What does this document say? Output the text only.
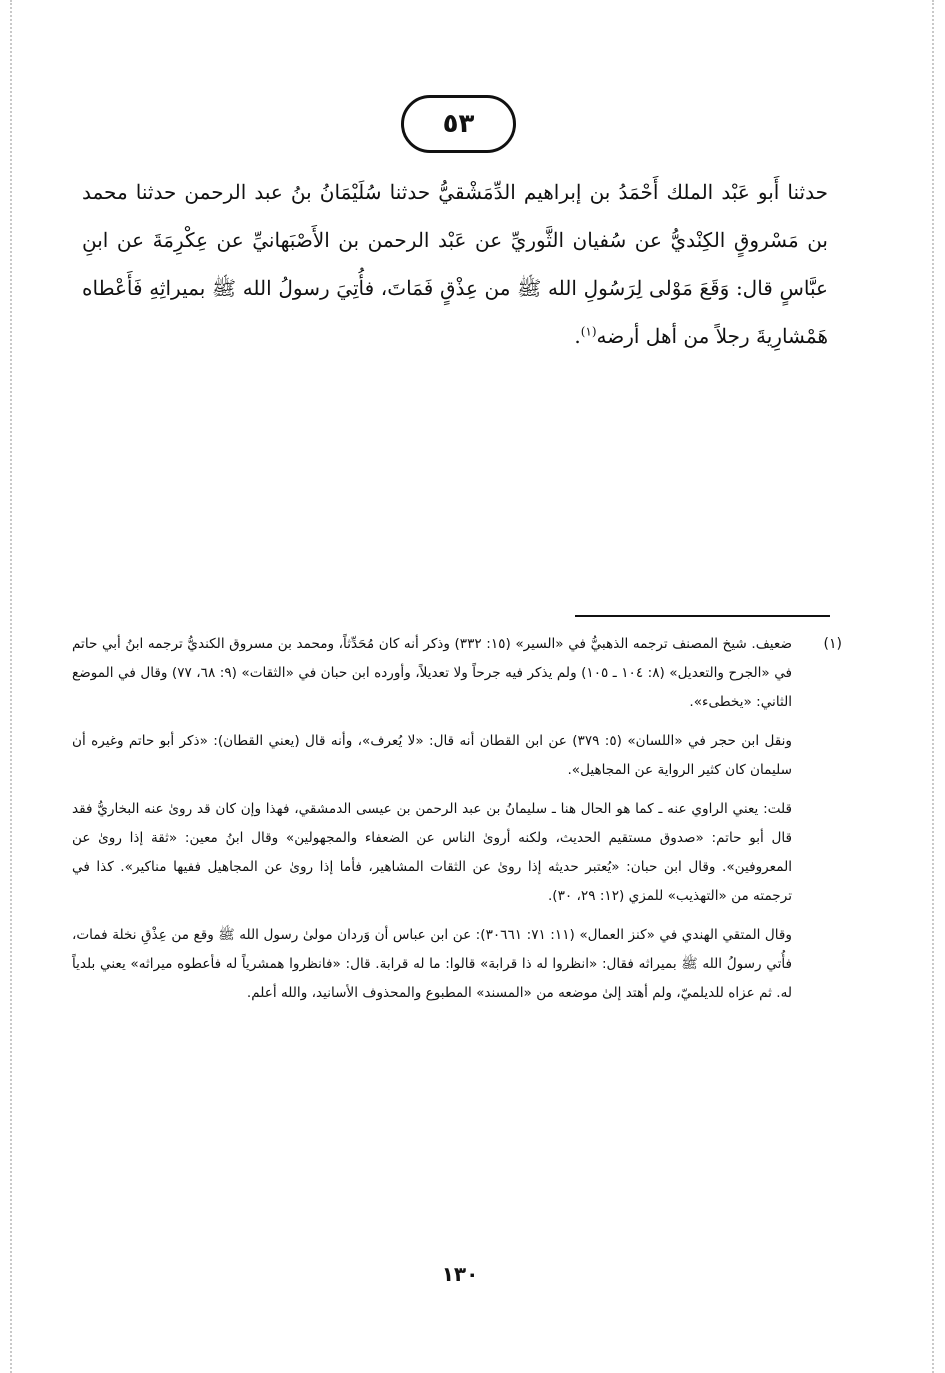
٥٣
حدثنا أَبو عَبْد الملك أَحْمَدُ بن إبراهيم الدِّمَشْقيُّ حدثنا سُلَيْمَانُ بنُ عبد الرحمن حدثنا محمد بن مَسْروقٍ الكِنْديُّ عن سُفيان الثَّوريِّ عن عَبْد الرحمن بن الأَصْبَهانيِّ عن عِكْرِمَةَ عن ابنِ عبَّاسٍ قال: وَقَعَ مَوْلى لِرَسُولِ الله ﷺ من عِذْقٍ فَمَاتَ، فأُتِيَ رسولُ الله ﷺ بميراثِهِ فَأَعْطاه هَمْشارِيةَ رجلاً من أهل أرضه$^{(١)}$.
(١)

ضعيف. شيخ المصنف ترجمه الذهبيُّ في «السير» (١٥: ٣٣٢) وذكر أنه كان مُحَدِّثاً، ومحمد بن مسروق الكنديُّ ترجمه ابنُ أبي حاتم في «الجرح والتعديل» (٨: ١٠٤ ـ ١٠٥) ولم يذكر فيه جرحاً ولا تعديلاً، وأورده ابن حبان في «الثقات» (٩: ٦٨، ٧٧) وقال في الموضع الثاني: «يخطىء».

ونقل ابن حجر في «اللسان» (٥: ٣٧٩) عن ابن القطان أنه قال: «لا يُعرف»، وأنه قال (يعني القطان): «ذكر أبو حاتم وغيره أن سليمان كان كثير الرواية عن المجاهيل».

قلت: يعني الراوي عنه ـ كما هو الحال هنا ـ سليمانُ بن عبد الرحمن بن عيسى الدمشقي، فهذا وإن كان قد روىٰ عنه البخاريُّ فقد قال أبو حاتم: «صدوق مستقيم الحديث، ولكنه أروىٰ الناس عن الضعفاء والمجهولين» وقال ابنُ معين: «ثقة إذا روىٰ عن المعروفين». وقال ابن حبان: «يُعتبر حديثه إذا روىٰ عن الثقات المشاهير، فأما إذا روىٰ عن المجاهيل ففيها مناكير». كذا في ترجمته من «التهذيب» للمزي (١٢: ٢٩، ٣٠).

وقال المتقي الهندي في «كنز العمال» (١١: ٧١: ٣٠٦٦١): عن ابن عباس أن وَردان مولىٰ رسول الله ﷺ وقع من عِذْقِ نخلة فمات، فأُتي رسولُ الله ﷺ بميراثه فقال: «انظروا له ذا قرابة» قالوا: ما له قرابة. قال: «فانظروا همشرياً له فأعطوه ميراثه» يعني بلدياً له. ثم عزاه للديلميّ، ولم أهتد إلىٰ موضعه من «المسند» المطبوع والمحذوف الأسانيد، والله أعلم.

١٣٠
